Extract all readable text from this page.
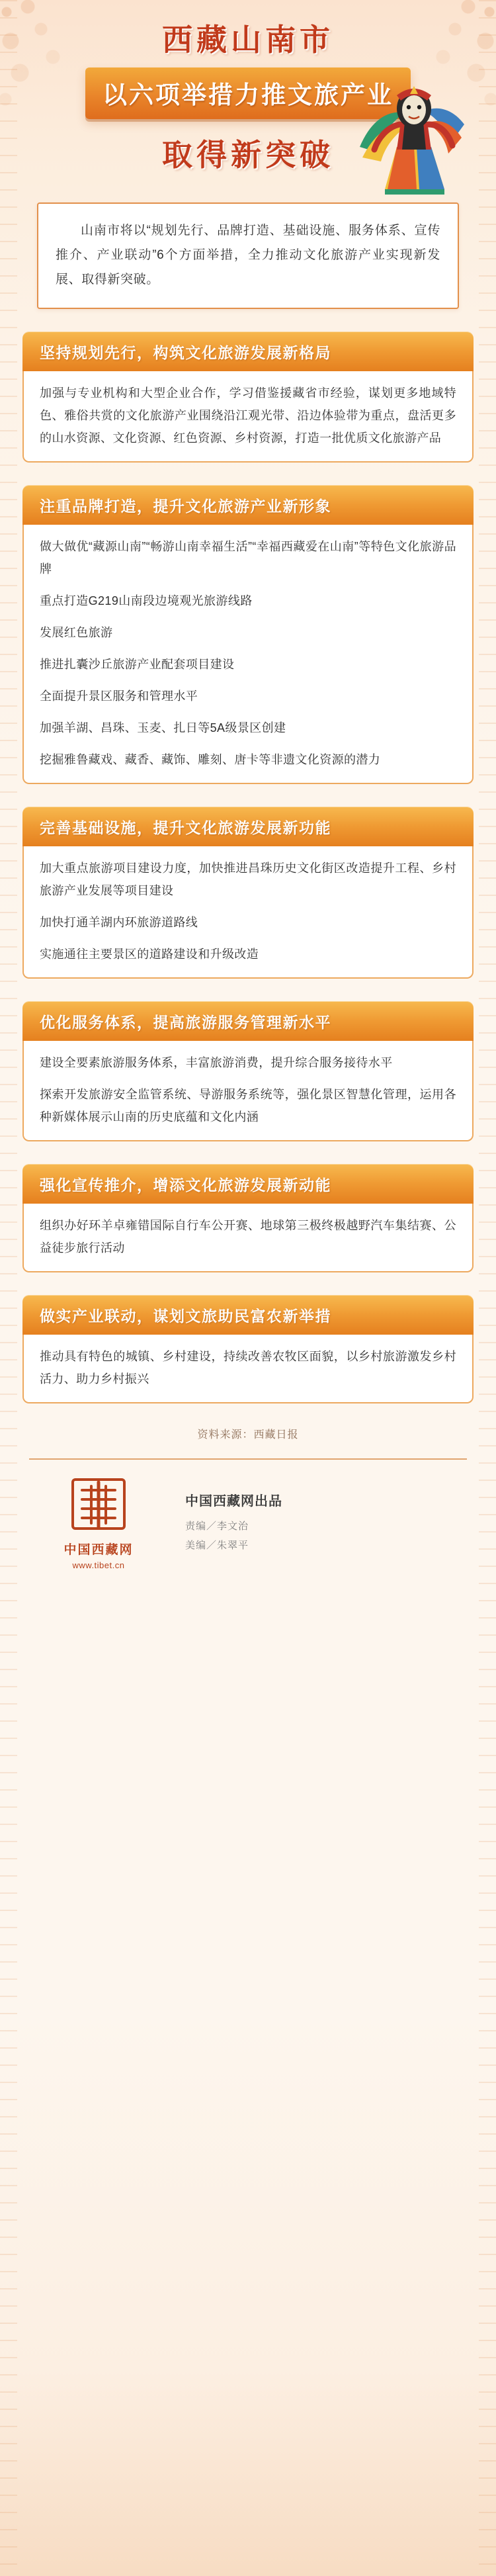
西藏山南市
以六项举措力推文旅产业
取得新突破

山南市将以“规划先行、品牌打造、基础设施、服务体系、宣传推介、产业联动”6个方面举措，全力推动文化旅游产业实现新发展、取得新突破。

坚持规划先行，构筑文化旅游发展新格局

加强与专业机构和大型企业合作，学习借鉴援藏省市经验，谋划更多地域特色、雅俗共赏的文化旅游产业围绕沿江观光带、沿边体验带为重点，盘活更多的山水资源、文化资源、红色资源、乡村资源，打造一批优质文化旅游产品

注重品牌打造，提升文化旅游产业新形象

做大做优“藏源山南”“畅游山南幸福生活”“幸福西藏爱在山南”等特色文化旅游品牌

重点打造G219山南段边境观光旅游线路

发展红色旅游

推进扎囊沙丘旅游产业配套项目建设

全面提升景区服务和管理水平

加强羊湖、昌珠、玉麦、扎日等5A级景区创建

挖掘雅鲁藏戏、藏香、藏饰、雕刻、唐卡等非遗文化资源的潜力

完善基础设施，提升文化旅游发展新功能

加大重点旅游项目建设力度，加快推进昌珠历史文化街区改造提升工程、乡村旅游产业发展等项目建设

加快打通羊湖内环旅游道路线

实施通往主要景区的道路建设和升级改造

优化服务体系，提高旅游服务管理新水平

建设全要素旅游服务体系，丰富旅游消费，提升综合服务接待水平

探索开发旅游安全监管系统、导游服务系统等，强化景区智慧化管理，运用各种新媒体展示山南的历史底蕴和文化内涵

强化宣传推介，增添文化旅游发展新动能

组织办好环羊卓雍错国际自行车公开赛、地球第三极终极越野汽车集结赛、公益徒步旅行活动

做实产业联动，谋划文旅助民富农新举措

推动具有特色的城镇、乡村建设，持续改善农牧区面貌，以乡村旅游激发乡村活力、助力乡村振兴

资料来源：西藏日报
中国西藏网
www.tibet.cn
中国西藏网出品
责编／李文治
美编／朱翠平
